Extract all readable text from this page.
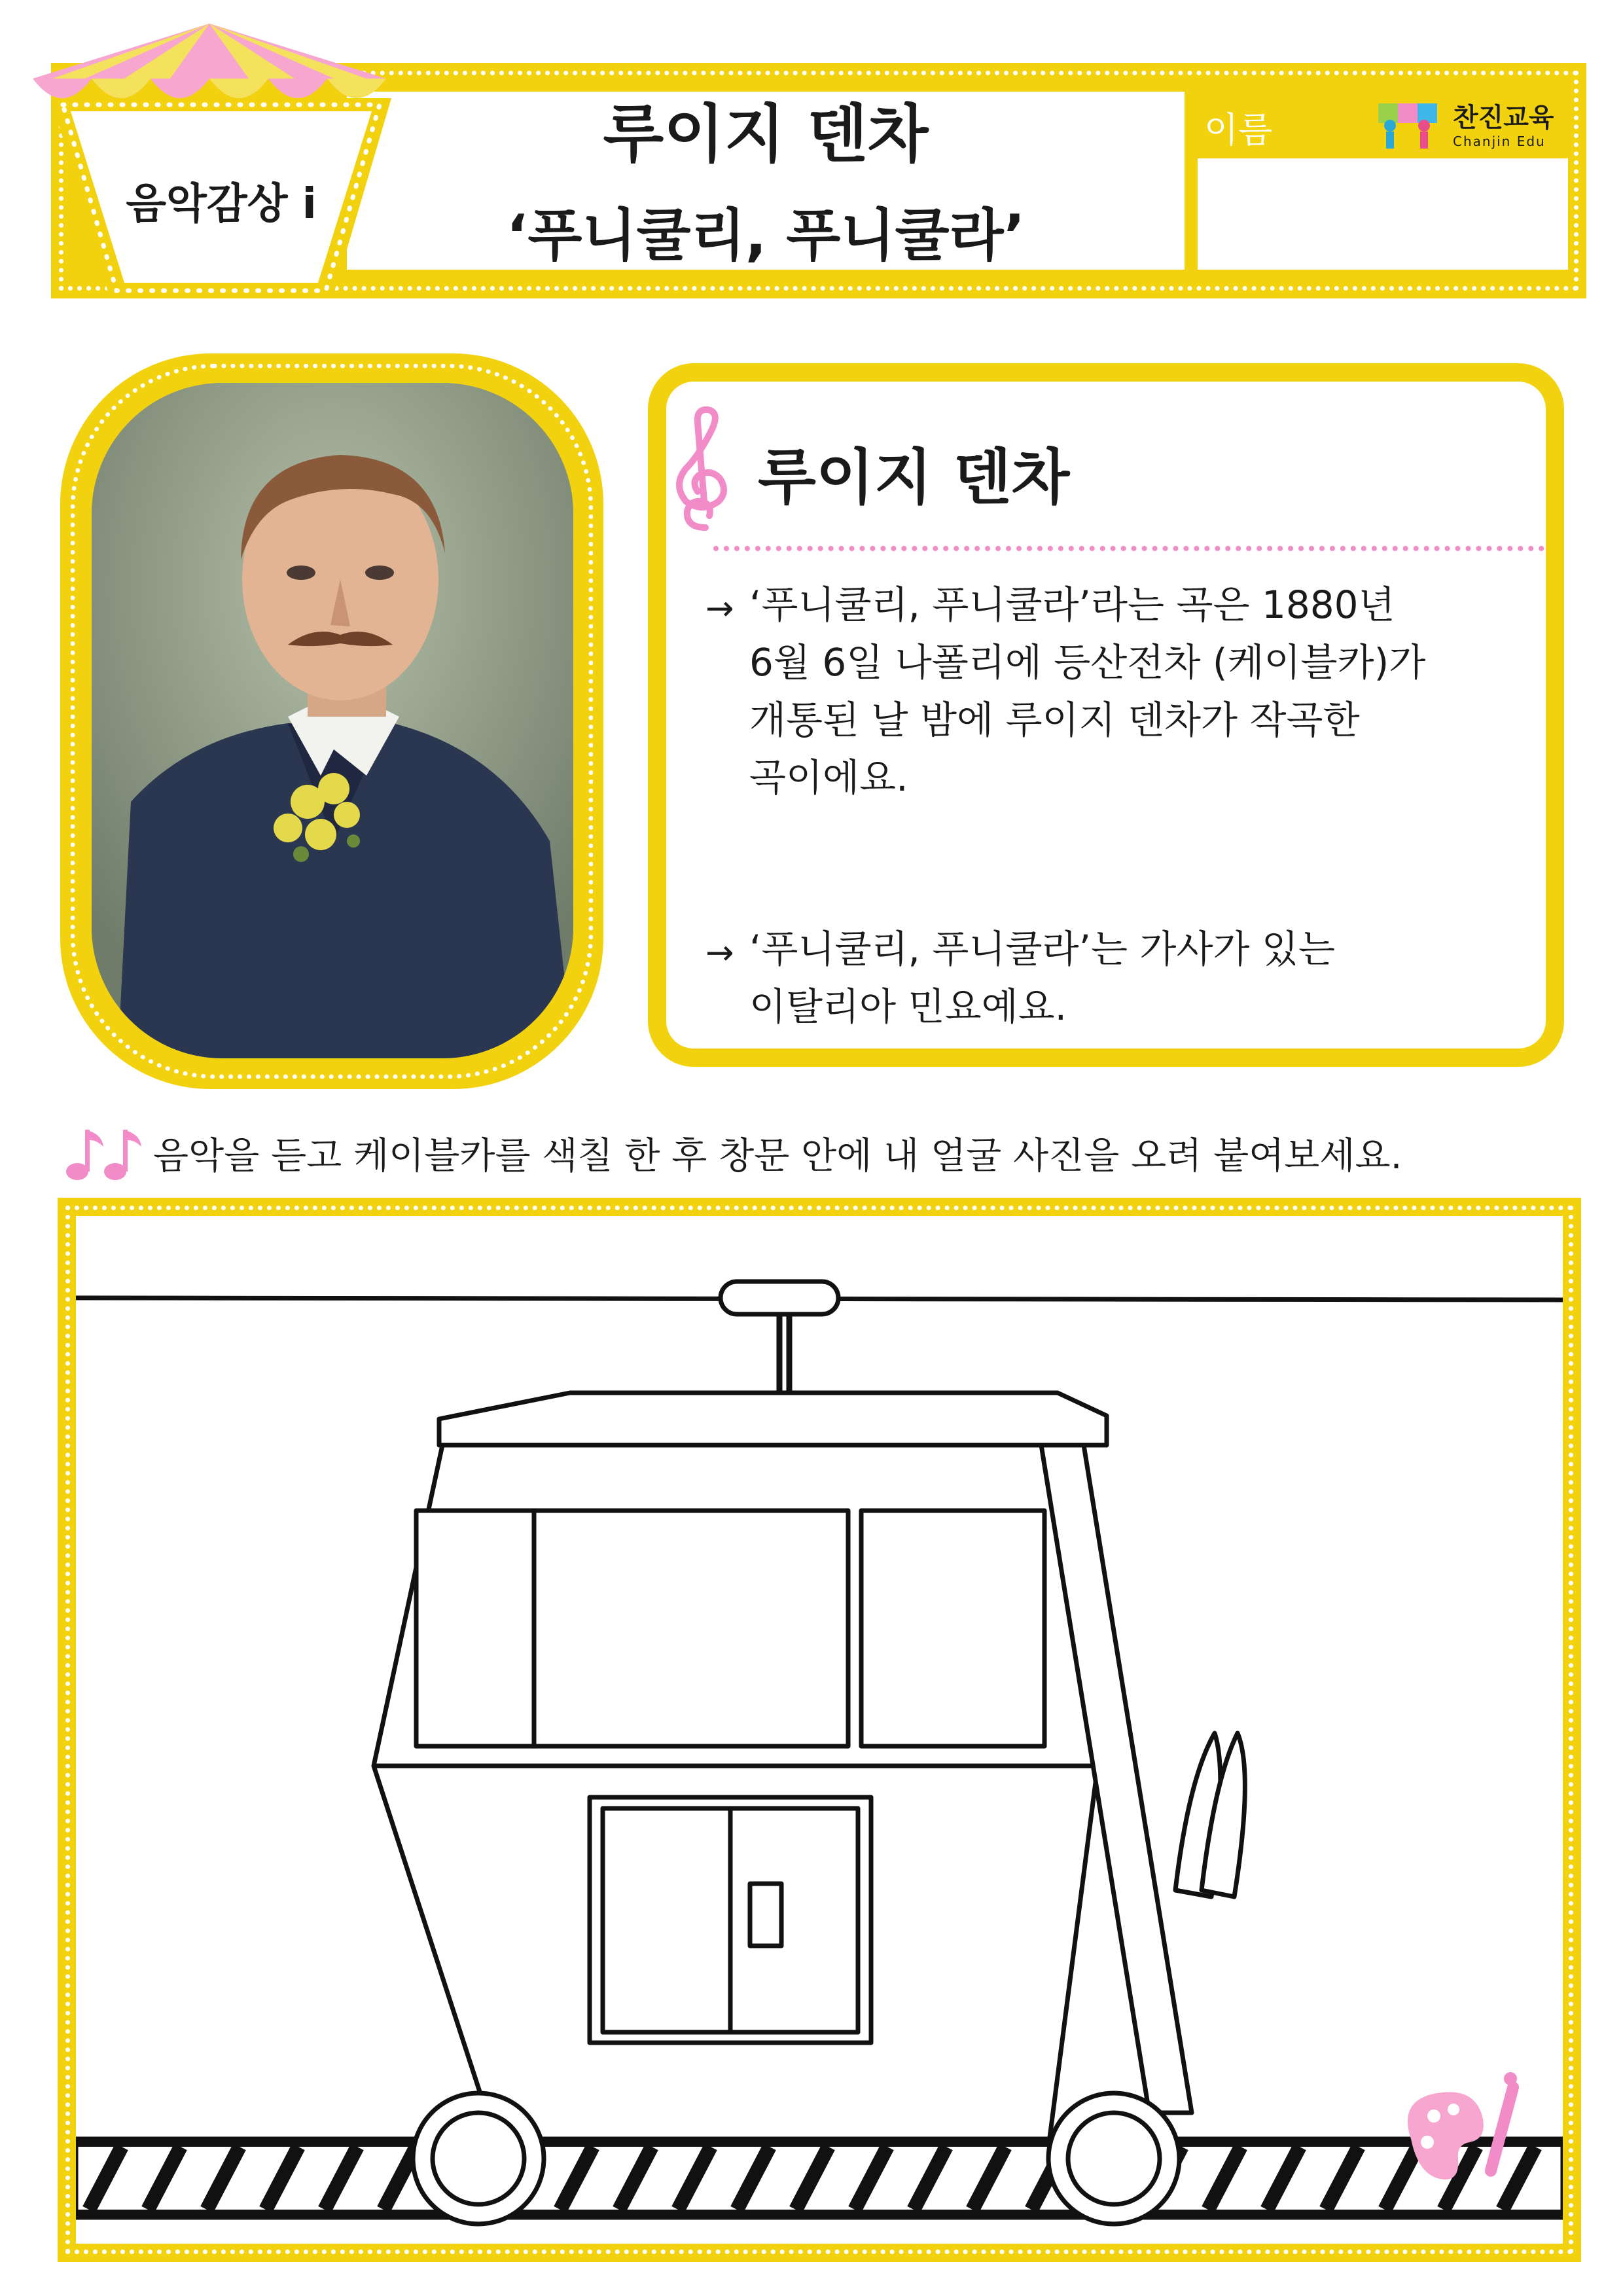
음악감상 i
루이지 덴차
‘푸니쿨리, 푸니쿨라’
이름	찬진교육
Chanjin Edu
루이지 덴차
→ ‘푸니쿨리, 푸니쿨라’라는 곡은 1880년
6월 6일 나폴리에 등산전차 (케이블카)가
개통된 날 밤에 루이지 덴차가 작곡한
곡이에요.
→ ‘푸니쿨리, 푸니쿨라’는 가사가 있는
이탈리아 민요예요.
음악을 듣고 케이블카를 색칠 한 후 창문 안에 내 얼굴 사진을 오려 붙여보세요.
